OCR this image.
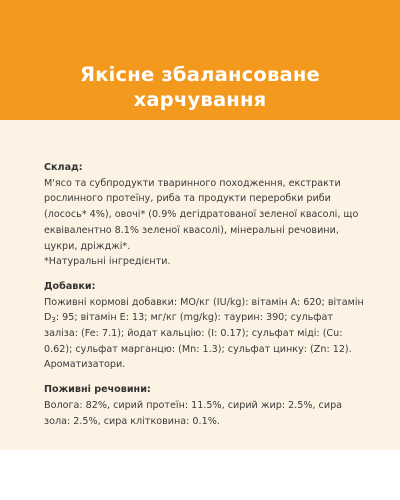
Якісне збалансоване
харчування
Склад:
М'ясо та субпродукти тваринного походження, екстракти рослинного протеїну, риба та продукти переробки риби (лосось* 4%), овочі* (0.9% дегідратованої зеленої квасолі, що еквівалентно 8.1% зеленої квасолі), мінеральні речовини, цукри, дріжджі*.
*Натуральні інгредієнти.
Добавки:
Поживні кормові добавки: МО/кг (IU/kg): вітамін A: 620; вітамін $D_3$: 95; вітамін E: 13; мг/кг (mg/kg): таурин: 390; сульфат заліза: (Fe: 7.1); йодат кальцію: (I: 0.17); сульфат міді: (Cu: 0.62); сульфат марганцю: (Mn: 1.3); сульфат цинку: (Zn: 12). Ароматизатори.
Поживні речовини:
Волога: 82%, сирий протеїн: 11.5%, сирий жир: 2.5%, сира зола: 2.5%, сира клітковина: 0.1%.
